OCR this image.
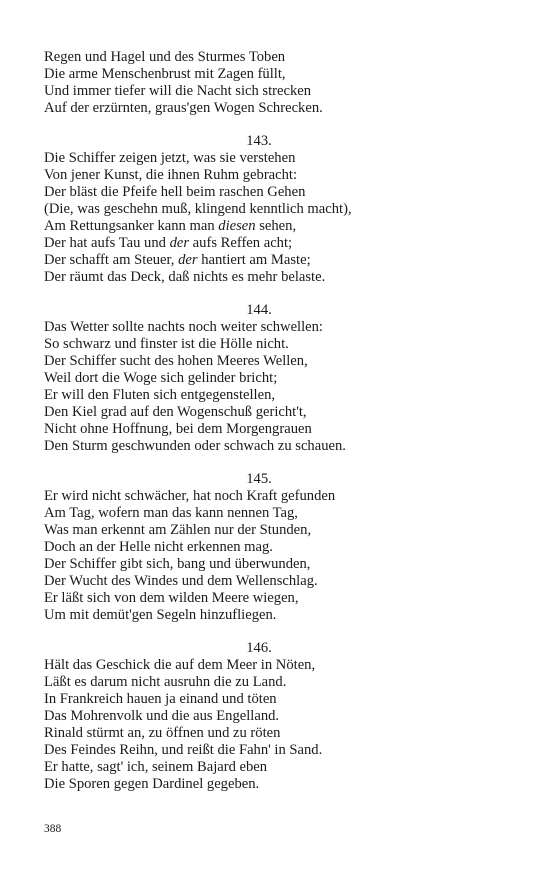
Regen und Hagel und des Sturmes Toben
Die arme Menschenbrust mit Zagen füllt,
Und immer tiefer will die Nacht sich strecken
Auf der erzürnten, graus'gen Wogen Schrecken.
143.
Die Schiffer zeigen jetzt, was sie verstehen
Von jener Kunst, die ihnen Ruhm gebracht:
Der bläst die Pfeife hell beim raschen Gehen
(Die, was geschehn muß, klingend kenntlich macht),
Am Rettungsanker kann man diesen sehen,
Der hat aufs Tau und der aufs Reffen acht;
Der schafft am Steuer, der hantiert am Maste;
Der räumt das Deck, daß nichts es mehr belaste.
144.
Das Wetter sollte nachts noch weiter schwellen:
So schwarz und finster ist die Hölle nicht.
Der Schiffer sucht des hohen Meeres Wellen,
Weil dort die Woge sich gelinder bricht;
Er will den Fluten sich entgegenstellen,
Den Kiel grad auf den Wogenschuß gericht't,
Nicht ohne Hoffnung, bei dem Morgengrauen
Den Sturm geschwunden oder schwach zu schauen.
145.
Er wird nicht schwächer, hat noch Kraft gefunden
Am Tag, wofern man das kann nennen Tag,
Was man erkennt am Zählen nur der Stunden,
Doch an der Helle nicht erkennen mag.
Der Schiffer gibt sich, bang und überwunden,
Der Wucht des Windes und dem Wellenschlag.
Er läßt sich von dem wilden Meere wiegen,
Um mit demüt'gen Segeln hinzufliegen.
146.
Hält das Geschick die auf dem Meer in Nöten,
Läßt es darum nicht ausruhn die zu Land.
In Frankreich hauen ja einand und töten
Das Mohrenvolk und die aus Engelland.
Rinald stürmt an, zu öffnen und zu röten
Des Feindes Reihn, und reißt die Fahn' in Sand.
Er hatte, sagt' ich, seinem Bajard eben
Die Sporen gegen Dardinel gegeben.
388
